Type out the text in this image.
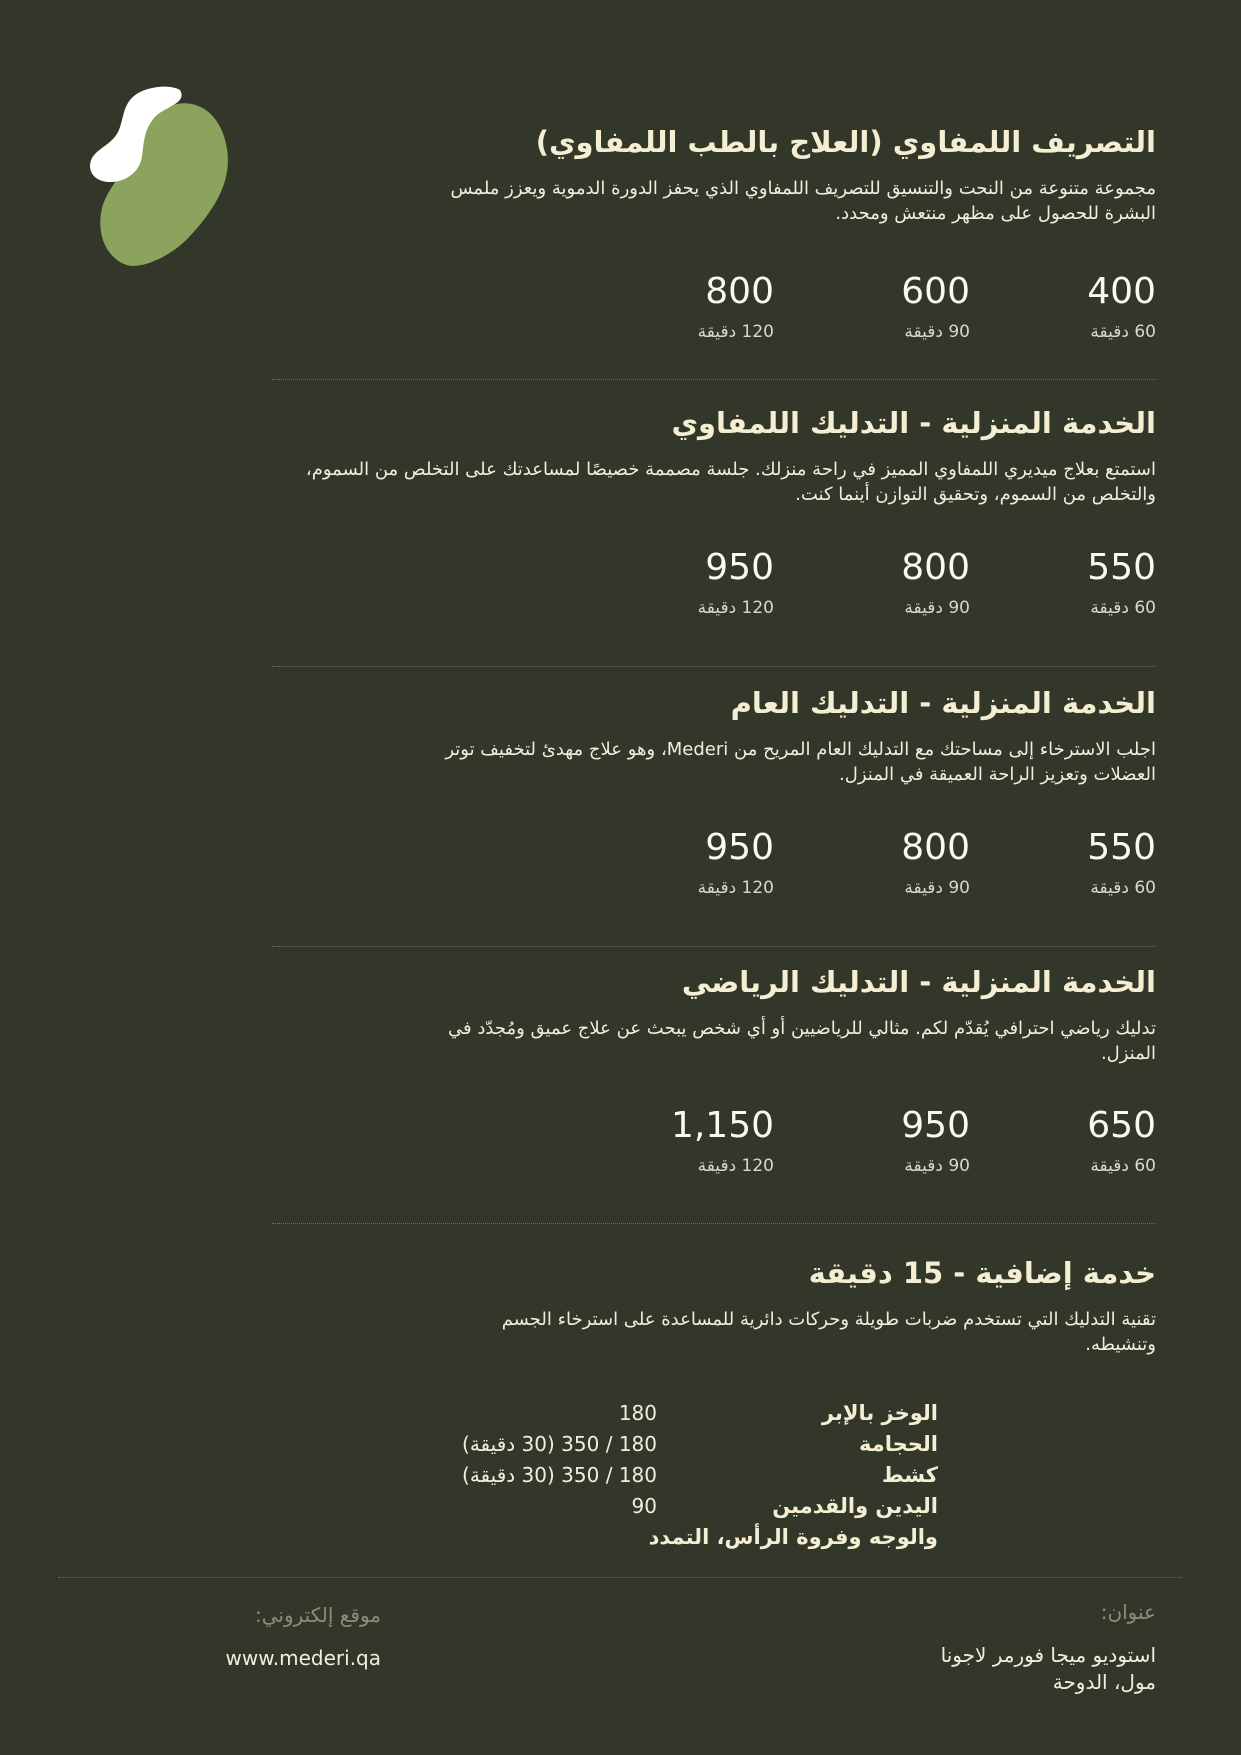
التصريف اللمفاوي (العلاج بالطب اللمفاوي)

مجموعة متنوعة من النحت والتنسيق للتصريف اللمفاوي الذي يحفز الدورة الدموية ويعزز ملمس البشرة للحصول على مظهر منتعش ومحدد.

400
60 دقيقة
600
90 دقيقة
800
120 دقيقة
الخدمة المنزلية - التدليك اللمفاوي

استمتع بعلاج ميديري اللمفاوي المميز في راحة منزلك. جلسة مصممة خصيصًا لمساعدتك على التخلص من السموم، والتخلص من السموم، وتحقيق التوازن أينما كنت.

550
60 دقيقة
800
90 دقيقة
950
120 دقيقة
الخدمة المنزلية - التدليك العام

اجلب الاسترخاء إلى مساحتك مع التدليك العام المريح من Mederi، وهو علاج مهدئ لتخفيف توتر العضلات وتعزيز الراحة العميقة في المنزل.

550
60 دقيقة
800
90 دقيقة
950
120 دقيقة
الخدمة المنزلية - التدليك الرياضي

تدليك رياضي احترافي يُقدّم لكم. مثالي للرياضيين أو أي شخص يبحث عن علاج عميق ومُجدّد في المنزل.

650
60 دقيقة
950
90 دقيقة
1,150
120 دقيقة
خدمة إضافية - 15 دقيقة

تقنية التدليك التي تستخدم ضربات طويلة وحركات دائرية للمساعدة على استرخاء الجسم وتنشيطه.

الوخز بالإبر
180
الحجامة
180 / 350 (30 دقيقة)
كشط
180 / 350 (30 دقيقة)
اليدين والقدمين
90
والوجه وفروة الرأس، التمدد
عنوان:
استوديو ميجا فورمر لاجونا
مول، الدوحة
موقع إلكتروني:
www.mederi.qa
